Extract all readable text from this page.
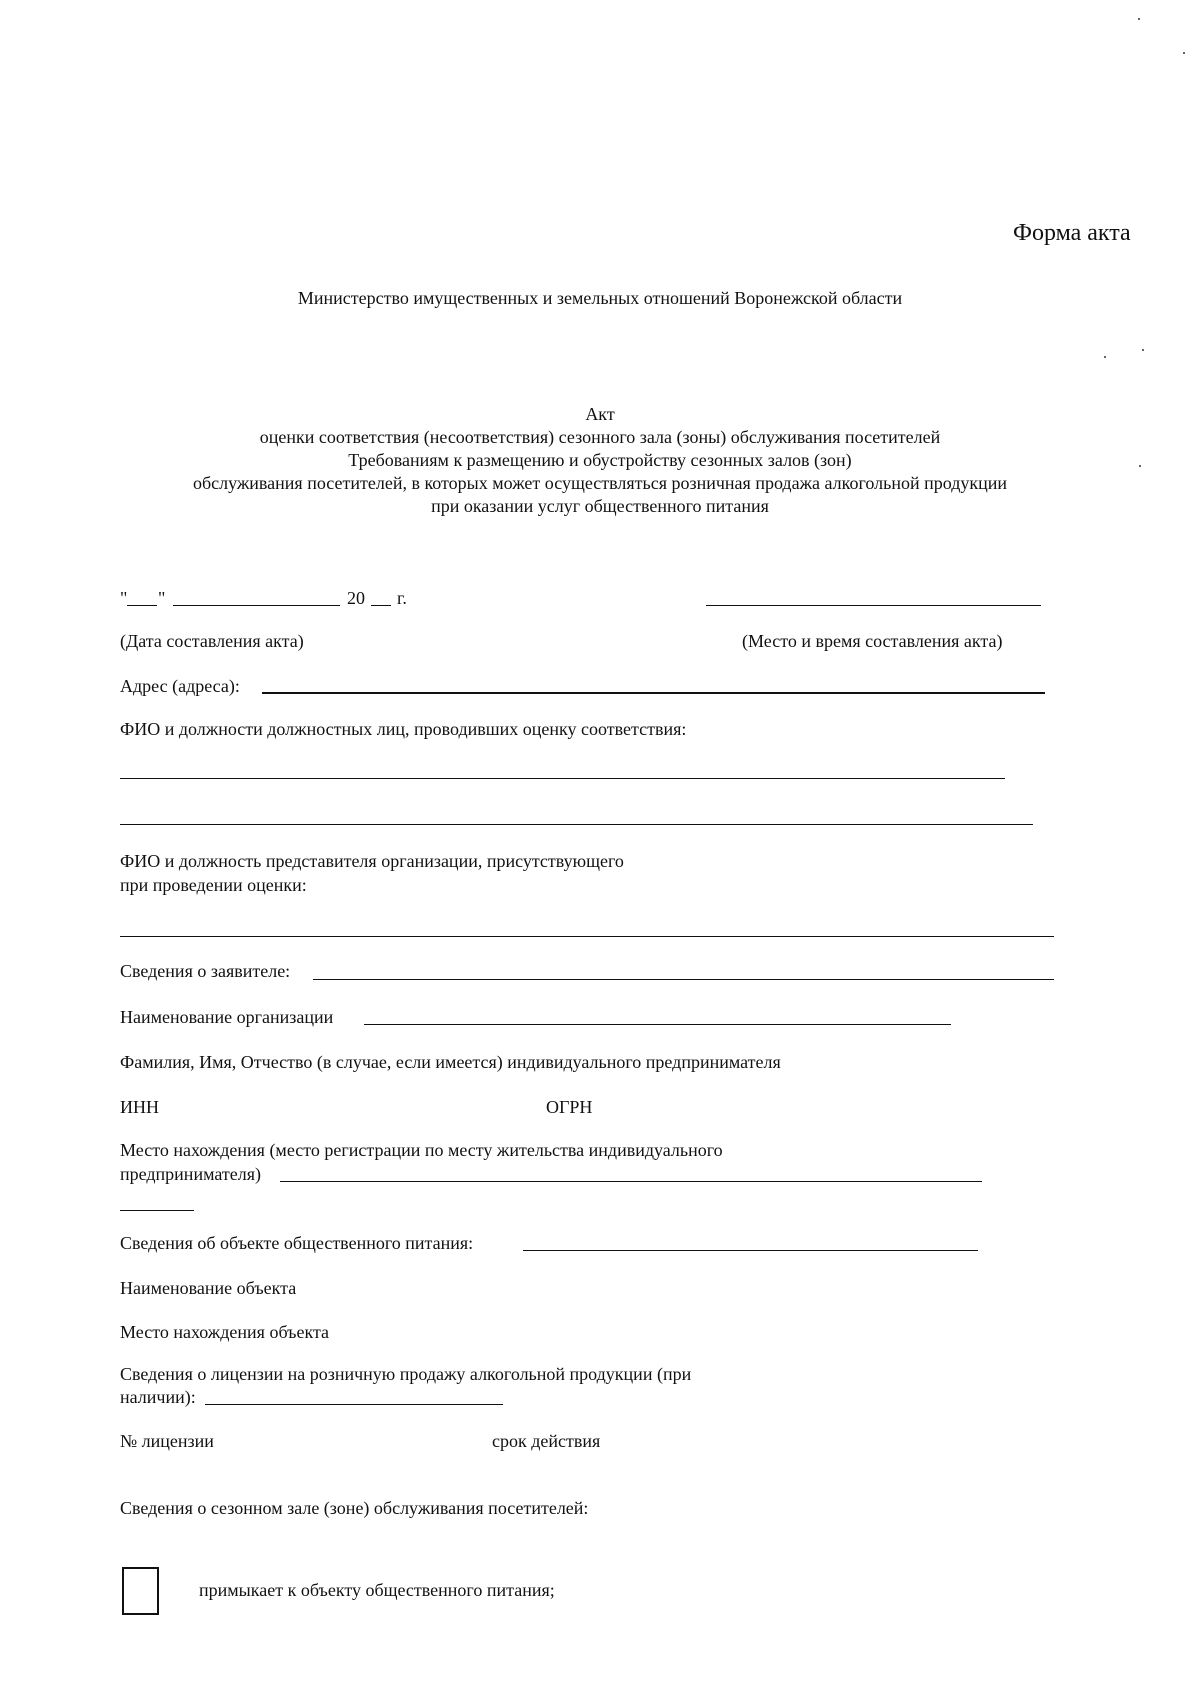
Форма акта
Министерство имущественных и земельных отношений Воронежской области
Акт
оценки соответствия (несоответствия) сезонного зала (зоны) обслуживания посетителей
Требованиям к размещению и обустройству сезонных залов (зон)
обслуживания посетителей, в которых может осуществляться розничная продажа алкогольной продукции
при оказании услуг общественного питания
" "	20 г.
(Дата составления акта)	(Место и время составления акта)
Адрес (адреса):
ФИО и должности должностных лиц, проводивших оценку соответствия:
ФИО и должность представителя организации, присутствующего
при проведении оценки:
Сведения о заявителе:
Наименование организации
Фамилия, Имя, Отчество (в случае, если имеется) индивидуального предпринимателя
ИНН	ОГРН
Место нахождения (место регистрации по месту жительства индивидуального
предпринимателя)
Сведения об объекте общественного питания:
Наименование объекта
Место нахождения объекта
Сведения о лицензии на розничную продажу алкогольной продукции (при
наличии):
№ лицензии	срок действия
Сведения о сезонном зале (зоне) обслуживания посетителей:
примыкает к объекту общественного питания;
